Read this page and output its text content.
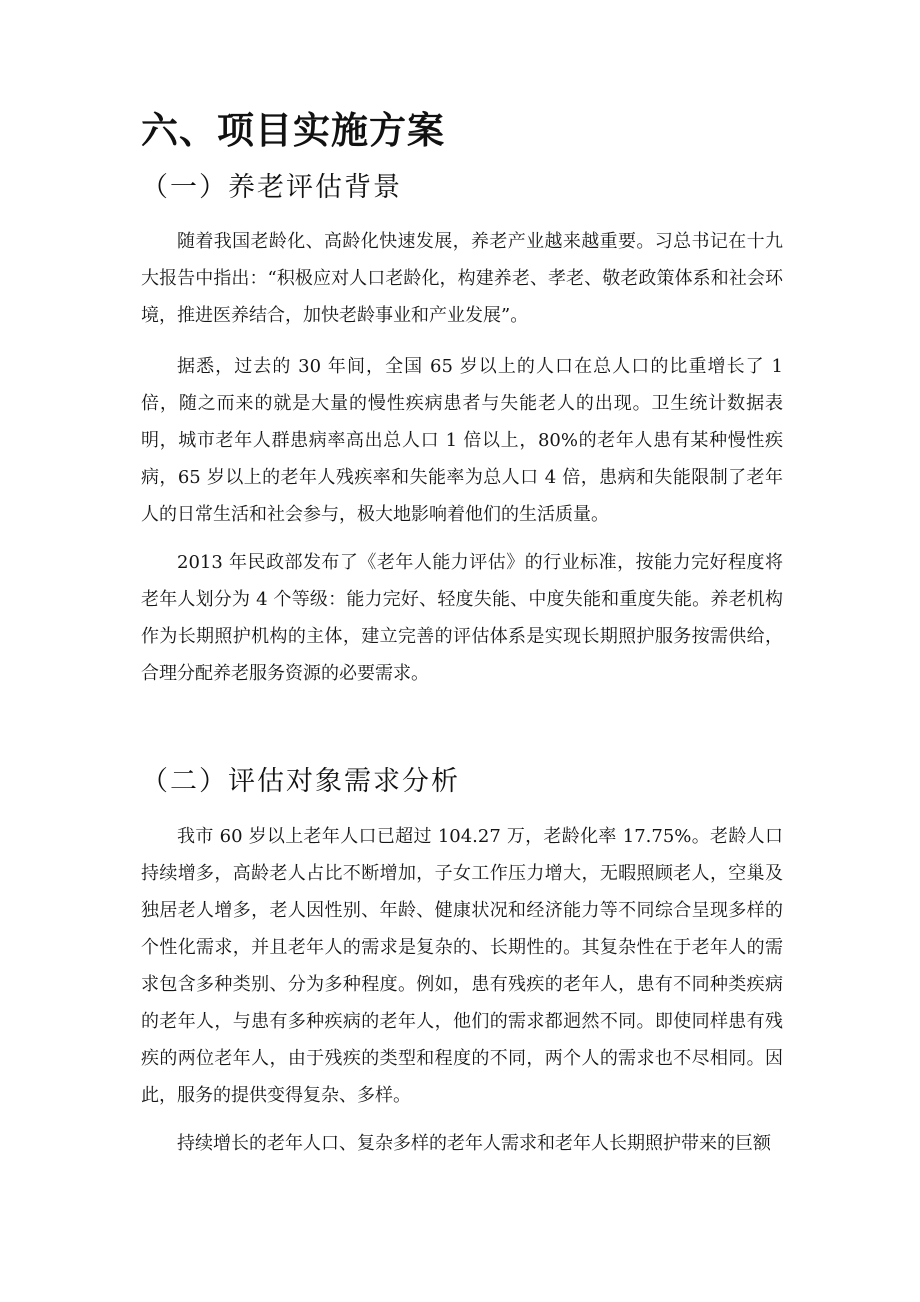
六、项目实施方案
（一）养老评估背景

随着我国老龄化、高龄化快速发展，养老产业越来越重要。习总书记在十九大报告中指出：“积极应对人口老龄化，构建养老、孝老、敬老政策体系和社会环境，推进医养结合，加快老龄事业和产业发展”。

据悉，过去的 30 年间，全国 65 岁以上的人口在总人口的比重增长了 1 倍，随之而来的就是大量的慢性疾病患者与失能老人的出现。卫生统计数据表明，城市老年人群患病率高出总人口 1 倍以上，80%的老年人患有某种慢性疾病，65 岁以上的老年人残疾率和失能率为总人口 4 倍，患病和失能限制了老年人的日常生活和社会参与，极大地影响着他们的生活质量。

2013 年民政部发布了《老年人能力评估》的行业标准，按能力完好程度将老年人划分为 4 个等级：能力完好、轻度失能、中度失能和重度失能。养老机构作为长期照护机构的主体，建立完善的评估体系是实现长期照护服务按需供给，合理分配养老服务资源的必要需求。

（二）评估对象需求分析

我市 60 岁以上老年人口已超过 104.27 万，老龄化率 17.75%。老龄人口持续增多，高龄老人占比不断增加，子女工作压力增大，无暇照顾老人，空巢及独居老人增多，老人因性别、年龄、健康状况和经济能力等不同综合呈现多样的个性化需求，并且老年人的需求是复杂的、长期性的。其复杂性在于老年人的需求包含多种类别、分为多种程度。例如，患有残疾的老年人，患有不同种类疾病的老年人，与患有多种疾病的老年人，他们的需求都迥然不同。即使同样患有残疾的两位老年人，由于残疾的类型和程度的不同，两个人的需求也不尽相同。因此，服务的提供变得复杂、多样。

持续增长的老年人口、复杂多样的老年人需求和老年人长期照护带来的巨额
